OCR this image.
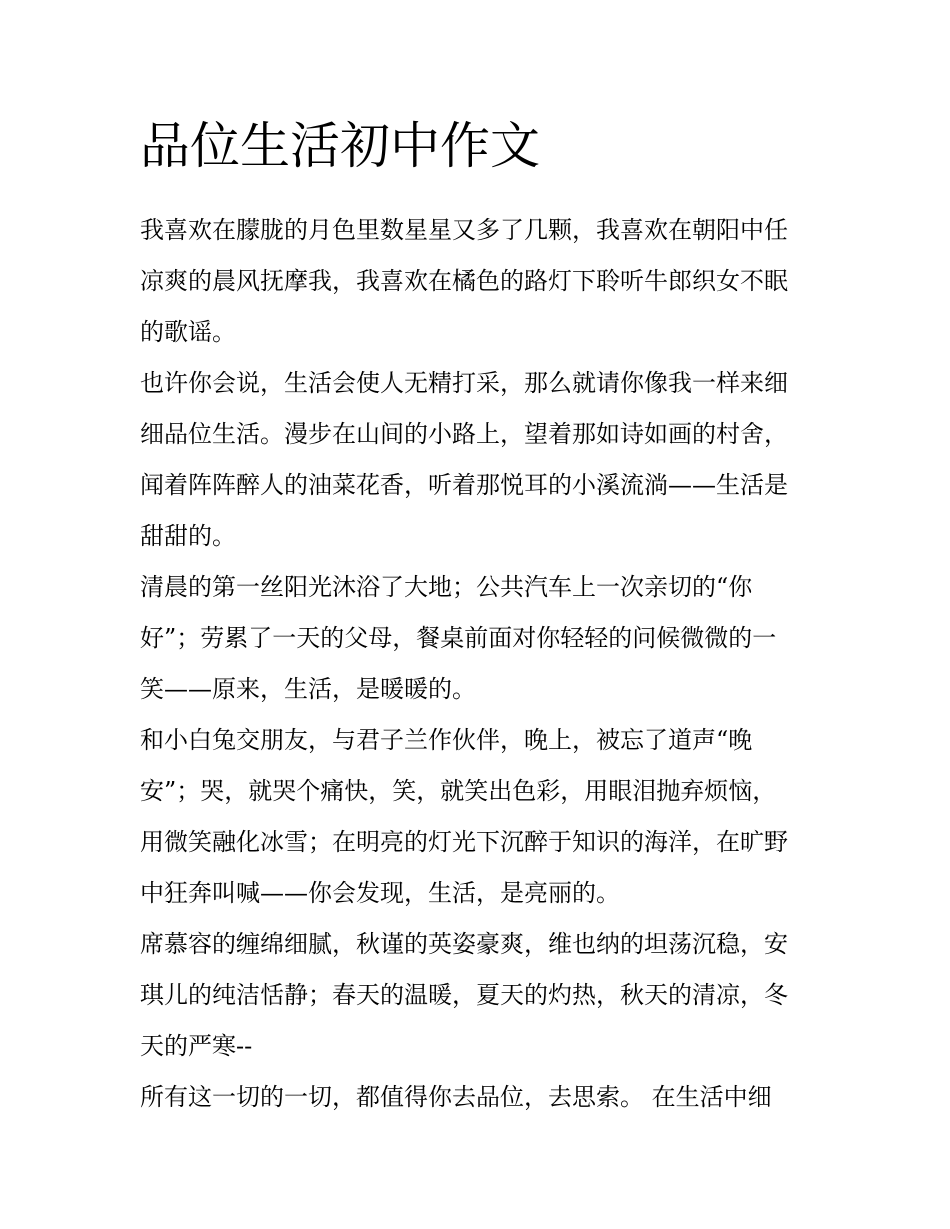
品位生活初中作文

我喜欢在朦胧的月色里数星星又多了几颗，我喜欢在朝阳中任

凉爽的晨风抚摩我，我喜欢在橘色的路灯下聆听牛郎织女不眠

的歌谣。

也许你会说，生活会使人无精打采，那么就请你像我一样来细

细品位生活。漫步在山间的小路上，望着那如诗如画的村舍，

闻着阵阵醉人的油菜花香，听着那悦耳的小溪流淌——生活是

甜甜的。

清晨的第一丝阳光沐浴了大地；公共汽车上一次亲切的“你

好”；劳累了一天的父母，餐桌前面对你轻轻的问候微微的一

笑——原来，生活，是暖暖的。

和小白兔交朋友，与君子兰作伙伴，晚上，被忘了道声“晚

安”；哭，就哭个痛快，笑，就笑出色彩，用眼泪抛弃烦恼，

用微笑融化冰雪；在明亮的灯光下沉醉于知识的海洋，在旷野

中狂奔叫喊——你会发现，生活，是亮丽的。

席慕容的缠绵细腻，秋谨的英姿豪爽，维也纳的坦荡沉稳，安

琪儿的纯洁恬静；春天的温暖，夏天的灼热，秋天的清凉，冬

天的严寒--

所有这一切的一切，都值得你去品位，去思索。 在生活中细
